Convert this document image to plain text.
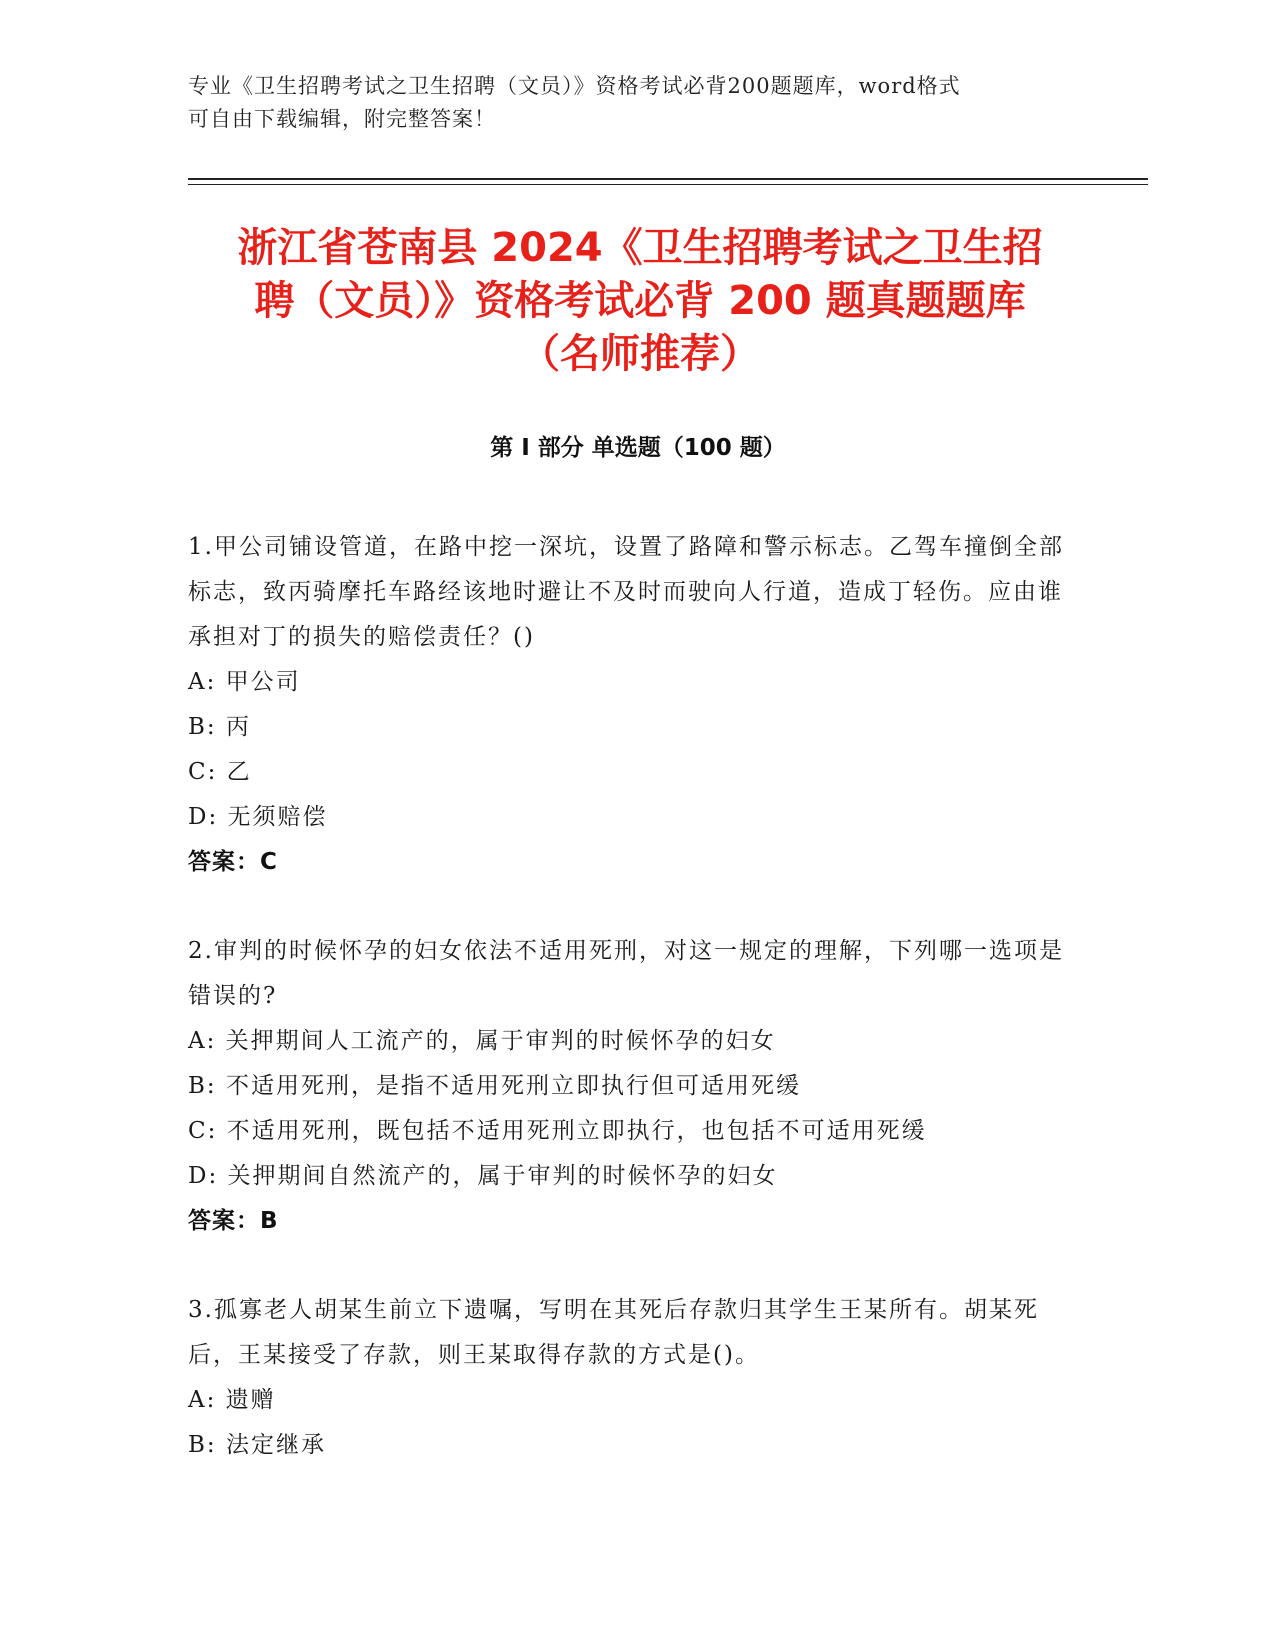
专业《卫生招聘考试之卫生招聘（文员）》资格考试必背200题题库，word格式
可自由下载编辑，附完整答案！
浙江省苍南县 2024《卫生招聘考试之卫生招
聘（文员）》资格考试必背 200 题真题题库
（名师推荐）
第 I 部分 单选题（100 题）
1.甲公司铺设管道，在路中挖一深坑，设置了路障和警示标志。乙驾车撞倒全部标志，致丙骑摩托车路经该地时避让不及时而驶向人行道，造成丁轻伤。应由谁承担对丁的损失的赔偿责任？()
A: 甲公司
B: 丙
C: 乙
D: 无须赔偿
答案：C
2.审判的时候怀孕的妇女依法不适用死刑，对这一规定的理解，下列哪一选项是错误的?
A: 关押期间人工流产的，属于审判的时候怀孕的妇女
B: 不适用死刑，是指不适用死刑立即执行但可适用死缓
C: 不适用死刑，既包括不适用死刑立即执行，也包括不可适用死缓
D: 关押期间自然流产的，属于审判的时候怀孕的妇女
答案：B
3.孤寡老人胡某生前立下遗嘱，写明在其死后存款归其学生王某所有。胡某死后，王某接受了存款，则王某取得存款的方式是()。
A: 遗赠
B: 法定继承
